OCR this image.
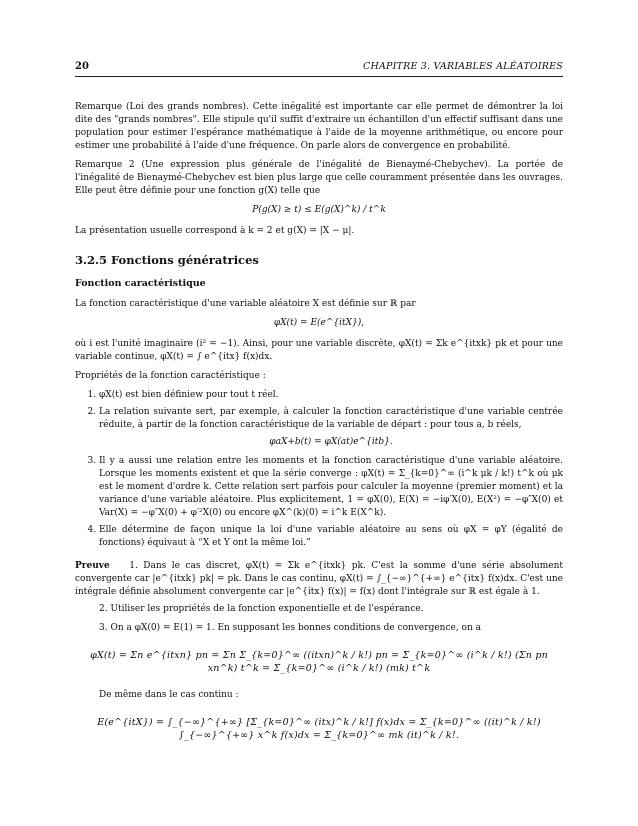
20	CHAPITRE 3. VARIABLES ALÉATOIRES

Remarque (Loi des grands nombres). Cette inégalité est importante car elle permet de démontrer la loi dite des "grands nombres". Elle stipule qu'il suffit d'extraire un échantillon d'un effectif suffisant dans une population pour estimer l'espérance mathématique à l'aide de la moyenne arithmétique, ou encore pour estimer une probabilité à l'aide d'une fréquence. On parle alors de convergence en probabilité.

Remarque 2 (Une expression plus générale de l'inégalité de Bienaymé-Chebychev). La portée de l'inégalité de Bienaymé-Chebychev est bien plus large que celle couramment présentée dans les ouvrages. Elle peut être définie pour une fonction g(X) telle que

P(g(X) ≥ t) ≤ E(g(X)^k) / t^k

La présentation usuelle correspond à k = 2 et g(X) = |X − μ|.

3.2.5 Fonctions génératrices
Fonction caractéristique

La fonction caractéristique d'une variable aléatoire X est définie sur ℝ par

φX(t) = E(e^{itX}),

où i est l'unité imaginaire (i² = −1). Ainsi, pour une variable discrète, φX(t) = Σk e^{itxk} pk et pour une variable continue, φX(t) = ∫ e^{itx} f(x)dx.

Propriétés de la fonction caractéristique :

1. φX(t) est bien définiew pour tout t réel.
2. La relation suivante sert, par exemple, à calculer la fonction caractéristique d'une variable centrée réduite, à partir de la fonction caractéristique de la variable de départ : pour tous a, b réels,
φaX+b(t) = φX(at)e^{itb}.
3. Il y a aussi une relation entre les moments et la fonction caractéristique d'une variable aléatoire. Lorsque les moments existent et que la série converge : φX(t) = Σ_{k=0}^∞ (i^k μk / k!) t^k où μk est le moment d'ordre k. Cette relation sert parfois pour calculer la moyenne (premier moment) et la variance d'une variable aléatoire. Plus explicitement, 1 = φX(0), E(X) = −iφ′X(0), E(X²) = −φ″X(0) et Var(X) = −φ″X(0) + φ′²X(0) ou encore φX^(k)(0) = i^k E(X^k).
4. Elle détermine de façon unique la loi d'une variable aléatoire au sens où φX = φY (égalité de fonctions) équivaut à “X et Y ont la même loi.”
Preuve 1. Dans le cas discret, φX(t) = Σk e^{itxk} pk. C'est la somme d'une série absolument convergente car |e^{itxk} pk| = pk. Dans le cas continu, φX(t) = ∫_{−∞}^{+∞} e^{itx} f(x)dx. C'est une intégrale définie absolument convergente car |e^{itx} f(x)| = f(x) dont l'intégrale sur ℝ est égale à 1.

2. Utiliser les propriétés de la fonction exponentielle et de l'espérance.

3. On a φX(0) = E(1) = 1. En supposant les bonnes conditions de convergence, on a

φX(t) = Σn e^{itxn} pn = Σn Σ_{k=0}^∞ ((itxn)^k / k!) pn = Σ_{k=0}^∞ (i^k / k!) (Σn pn xn^k) t^k = Σ_{k=0}^∞ (i^k / k!) (mk) t^k

De même dans le cas continu :

E(e^{itX}) = ∫_{−∞}^{+∞} [Σ_{k=0}^∞ (itx)^k / k!] f(x)dx = Σ_{k=0}^∞ ((it)^k / k!) ∫_{−∞}^{+∞} x^k f(x)dx = Σ_{k=0}^∞ mk (it)^k / k!.
